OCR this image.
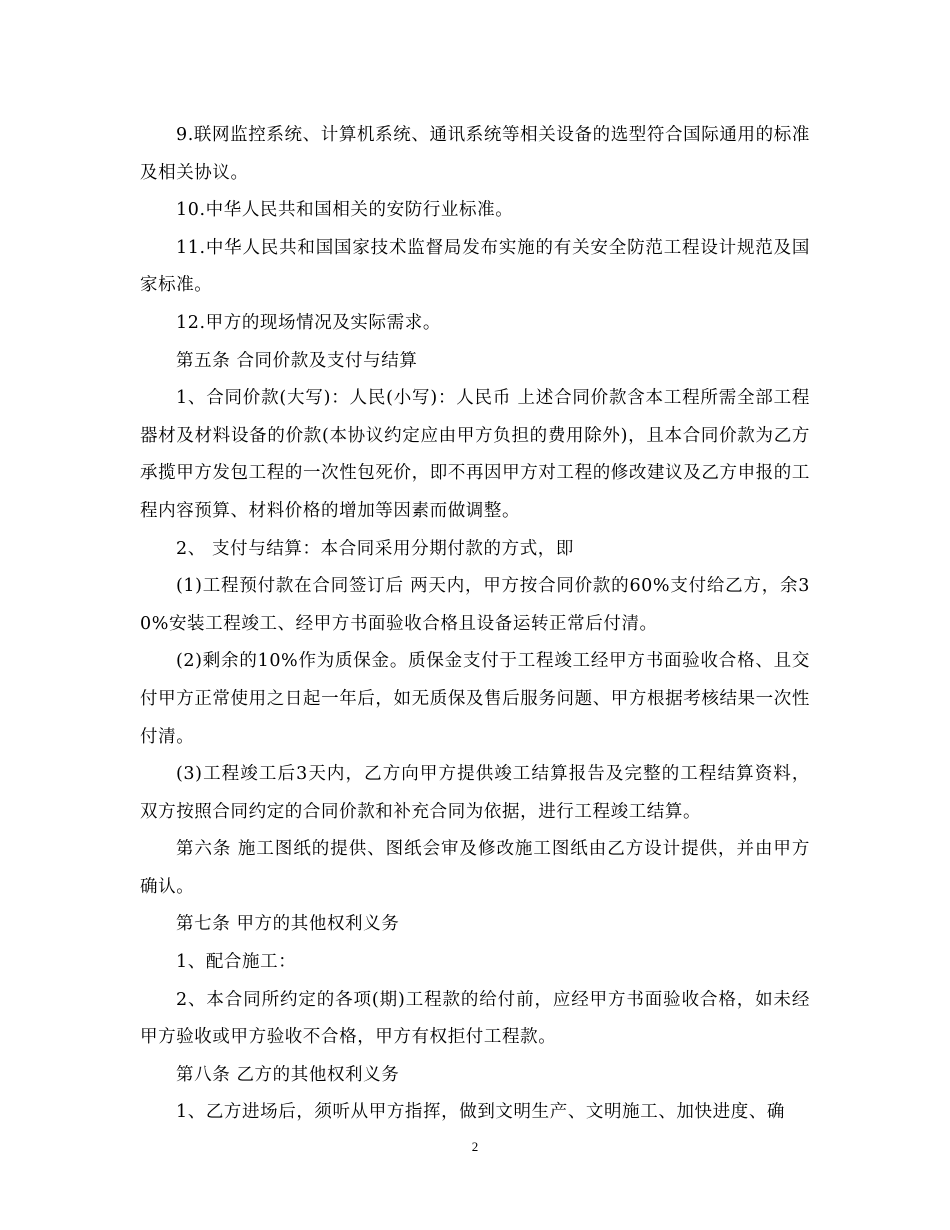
9.联网监控系统、计算机系统、通讯系统等相关设备的选型符合国际通用的标准及相关协议。

10.中华人民共和国相关的安防行业标准。

11.中华人民共和国国家技术监督局发布实施的有关安全防范工程设计规范及国家标准。

12.甲方的现场情况及实际需求。

第五条 合同价款及支付与结算

1、合同价款(大写)：人民(小写)：人民币 上述合同价款含本工程所需全部工程器材及材料设备的价款(本协议约定应由甲方负担的费用除外)，且本合同价款为乙方承揽甲方发包工程的一次性包死价，即不再因甲方对工程的修改建议及乙方申报的工程内容预算、材料价格的增加等因素而做调整。

2、 支付与结算：本合同采用分期付款的方式，即

(1)工程预付款在合同签订后 两天内，甲方按合同价款的60%支付给乙方，余30%安装工程竣工、经甲方书面验收合格且设备运转正常后付清。

(2)剩余的10%作为质保金。质保金支付于工程竣工经甲方书面验收合格、且交付甲方正常使用之日起一年后，如无质保及售后服务问题、甲方根据考核结果一次性付清。

(3)工程竣工后3天内，乙方向甲方提供竣工结算报告及完整的工程结算资料，双方按照合同约定的合同价款和补充合同为依据，进行工程竣工结算。

第六条 施工图纸的提供、图纸会审及修改施工图纸由乙方设计提供，并由甲方确认。

第七条 甲方的其他权利义务

1、配合施工：

2、本合同所约定的各项(期)工程款的给付前，应经甲方书面验收合格，如未经甲方验收或甲方验收不合格，甲方有权拒付工程款。

第八条 乙方的其他权利义务

1、乙方进场后，须听从甲方指挥，做到文明生产、文明施工、加快进度、确

2
